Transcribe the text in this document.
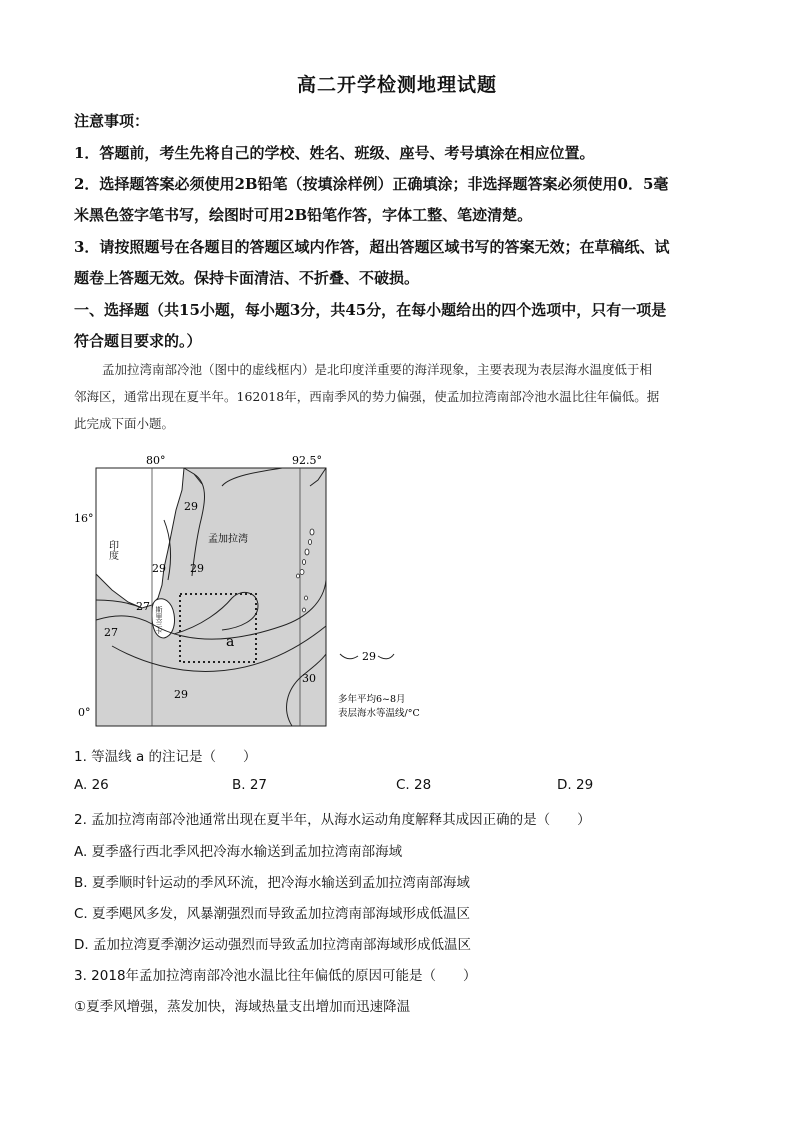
高二开学检测地理试题
注意事项：
1．答题前，考生先将自己的学校、姓名、班级、座号、考号填涂在相应位置。
2．选择题答案必须使用2B铅笔（按填涂样例）正确填涂；非选择题答案必须使用0．5毫
米黑色签字笔书写，绘图时可用2B铅笔作答，字体工整、笔迹清楚。
3．请按照题号在各题目的答题区域内作答，超出答题区域书写的答案无效；在草稿纸、试
题卷上答题无效。保持卡面清洁、不折叠、不破损。
一、选择题（共15小题，每小题3分，共45分，在每小题给出的四个选项中，只有一项是
符合题目要求的。）
孟加拉湾南部冷池（图中的虚线框内）是北印度洋重要的海洋现象，主要表现为表层海水温度低于相
邻海区，通常出现在夏半年。162018年，西南季风的势力偏强，使孟加拉湾南部冷池水温比往年偏低。据
此完成下面小题。
80°	92.5°
16°
0°
印度
孟加拉湾
斯里兰卡
29
29 29
29
27
27
30
a
29
多年平均6~8月
表层海水等温线/°C
1. 等温线 a 的注记是（　　）
A. 26	B. 27	C. 28	D. 29
2. 孟加拉湾南部冷池通常出现在夏半年，从海水运动角度解释其成因正确的是（　　）
A. 夏季盛行西北季风把冷海水输送到孟加拉湾南部海域
B. 夏季顺时针运动的季风环流，把冷海水输送到孟加拉湾南部海域
C. 夏季飓风多发，风暴潮强烈而导致孟加拉湾南部海域形成低温区
D. 孟加拉湾夏季潮汐运动强烈而导致孟加拉湾南部海域形成低温区
3. 2018年孟加拉湾南部冷池水温比往年偏低的原因可能是（　　）
①夏季风增强，蒸发加快，海域热量支出增加而迅速降温
